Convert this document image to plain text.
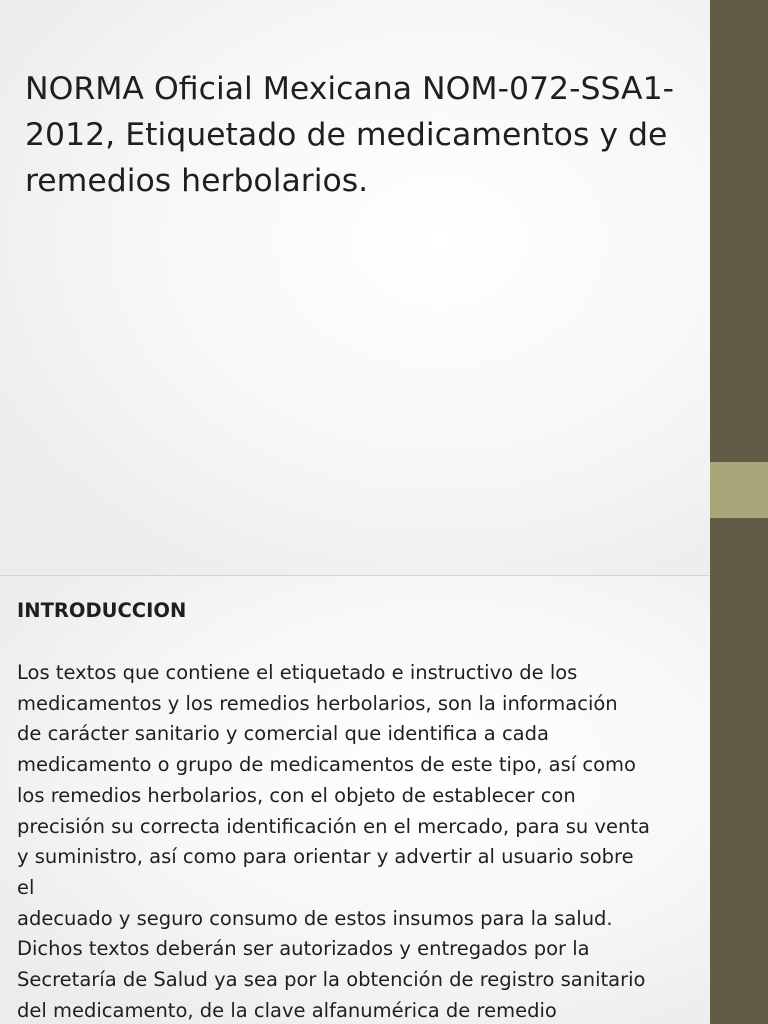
NORMA Oficial Mexicana NOM-072-SSA1-
2012, Etiquetado de medicamentos y de
remedios herbolarios.
INTRODUCCION
Los textos que contiene el etiquetado e instructivo de los
medicamentos y los remedios herbolarios, son la información
de carácter sanitario y comercial que identifica a cada
medicamento o grupo de medicamentos de este tipo, así como
los remedios herbolarios, con el objeto de establecer con
precisión su correcta identificación en el mercado, para su venta
y suministro, así como para orientar y advertir al usuario sobre
el
adecuado y seguro consumo de estos insumos para la salud.
Dichos textos deberán ser autorizados y entregados por la
Secretaría de Salud ya sea por la obtención de registro sanitario
del medicamento, de la clave alfanumérica de remedio
